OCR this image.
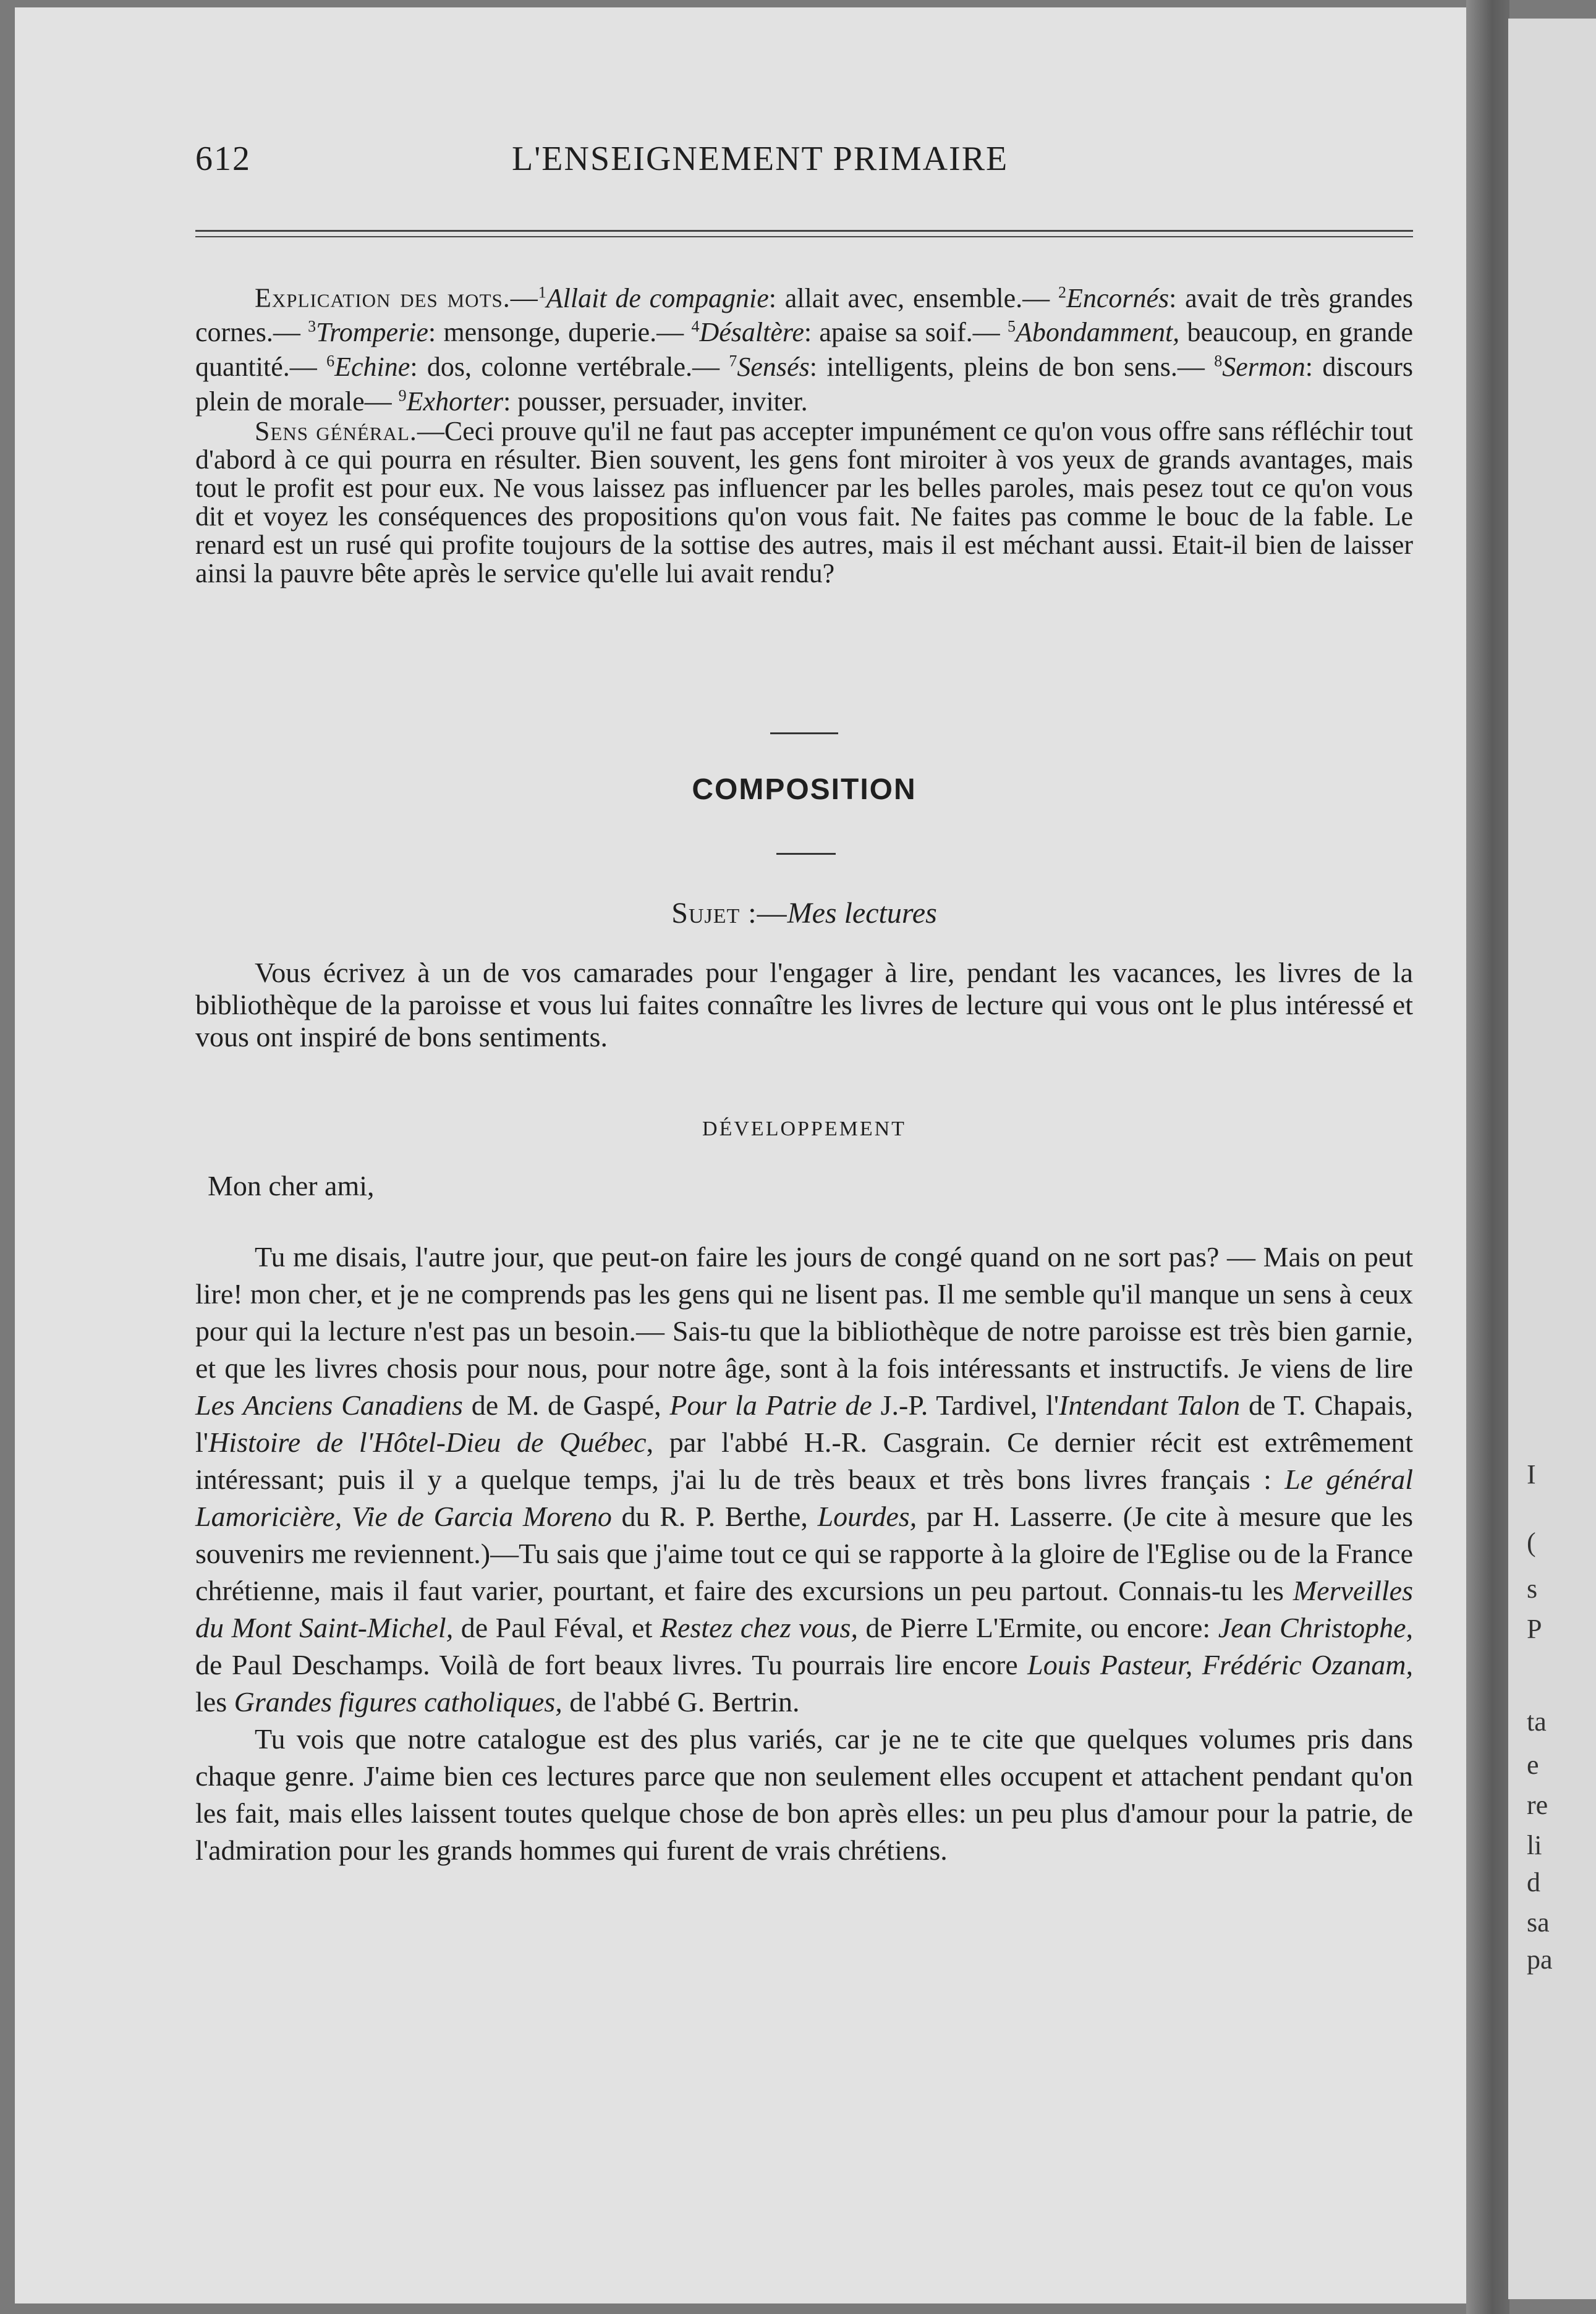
I
(
s
P
ta
e
re
li
d
sa
pa
612	L'ENSEIGNEMENT PRIMAIRE

Explication des mots.—$^1$Allait de compagnie: allait avec, ensemble.— $^2$Encornés: avait de très grandes cornes.— $^3$Tromperie: mensonge, duperie.— $^4$Désaltère: apaise sa soif.— $^5$Abondamment, beaucoup, en grande quantité.— $^6$Echine: dos, colonne vertébrale.— $^7$Sensés: intelligents, pleins de bon sens.— $^8$Sermon: discours plein de morale— $^9$Exhorter: pousser, persuader, inviter.

Sens général.—Ceci prouve qu'il ne faut pas accepter impunément ce qu'on vous offre sans réfléchir tout d'abord à ce qui pourra en résulter. Bien souvent, les gens font miroiter à vos yeux de grands avantages, mais tout le profit est pour eux. Ne vous laissez pas influencer par les belles paroles, mais pesez tout ce qu'on vous dit et voyez les conséquences des propositions qu'on vous fait. Ne faites pas comme le bouc de la fable. Le renard est un rusé qui profite toujours de la sottise des autres, mais il est méchant aussi. Etait-il bien de laisser ainsi la pauvre bête après le service qu'elle lui avait rendu?

COMPOSITION
Sujet :—Mes lectures

Vous écrivez à un de vos camarades pour l'engager à lire, pendant les vacances, les livres de la bibliothèque de la paroisse et vous lui faites connaître les livres de lecture qui vous ont le plus intéressé et vous ont inspiré de bons sentiments.

DÉVELOPPEMENT
Mon cher ami,

Tu me disais, l'autre jour, que peut-on faire les jours de congé quand on ne sort pas? — Mais on peut lire! mon cher, et je ne comprends pas les gens qui ne lisent pas. Il me semble qu'il manque un sens à ceux pour qui la lecture n'est pas un besoin.— Sais-tu que la bibliothèque de notre paroisse est très bien garnie, et que les livres chosis pour nous, pour notre âge, sont à la fois intéressants et instructifs. Je viens de lire Les Anciens Canadiens de M. de Gaspé, Pour la Patrie de J.-P. Tardivel, l'Intendant Talon de T. Chapais, l'Histoire de l'Hôtel-Dieu de Québec, par l'abbé H.-R. Casgrain. Ce dernier récit est extrêmement intéressant; puis il y a quelque temps, j'ai lu de très beaux et très bons livres français : Le général Lamoricière, Vie de Garcia Moreno du R. P. Berthe, Lourdes, par H. Lasserre. (Je cite à mesure que les souvenirs me reviennent.)—Tu sais que j'aime tout ce qui se rapporte à la gloire de l'Eglise ou de la France chrétienne, mais il faut varier, pourtant, et faire des excursions un peu partout. Connais-tu les Merveilles du Mont Saint-Michel, de Paul Féval, et Restez chez vous, de Pierre L'Ermite, ou encore: Jean Christophe, de Paul Deschamps. Voilà de fort beaux livres. Tu pourrais lire encore Louis Pasteur, Frédéric Ozanam, les Grandes figures catholiques, de l'abbé G. Bertrin.

Tu vois que notre catalogue est des plus variés, car je ne te cite que quelques volumes pris dans chaque genre. J'aime bien ces lectures parce que non seulement elles occupent et attachent pendant qu'on les fait, mais elles laissent toutes quelque chose de bon après elles: un peu plus d'amour pour la patrie, de l'admiration pour les grands hommes qui furent de vrais chrétiens.
